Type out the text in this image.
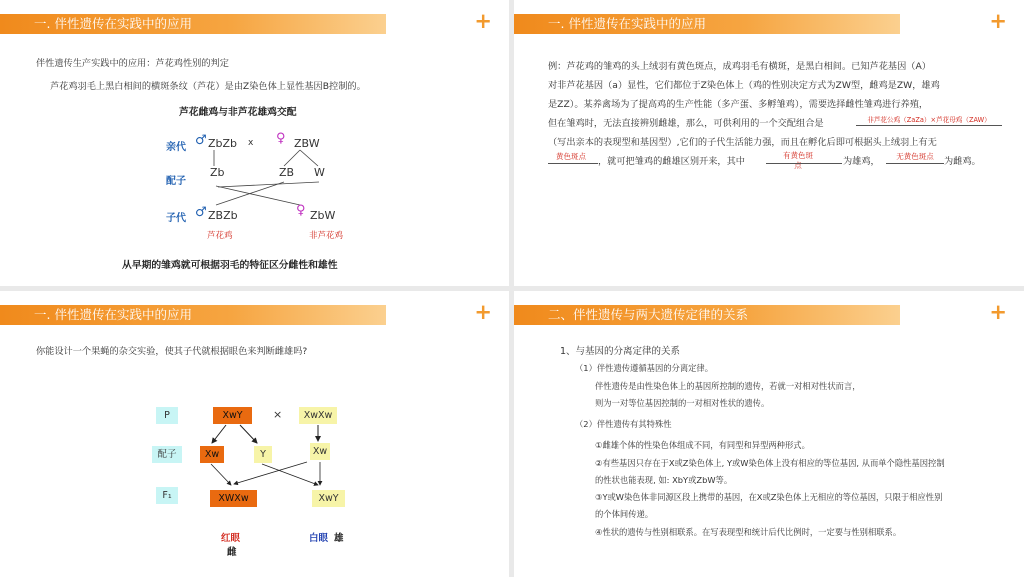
一. 伴性遗传在实践中的应用	+
伴性遗传生产实践中的应用：芦花鸡性别的判定
芦花鸡羽毛上黑白相间的横斑条纹（芦花）是由Z染色体上显性基因B控制的。
芦花雌鸡与非芦花雄鸡交配
亲代
配子
子代
♂ ZbZb x ♀ ZBW
Zb	ZB W
♂ ZBZb	♀ ZbW
芦花鸡	非芦花鸡
从早期的雏鸡就可根据羽毛的特征区分雌性和雄性
一. 伴性遗传在实践中的应用	+
例：芦花鸡的雏鸡的头上绒羽有黄色斑点，成鸡羽毛有横斑，是黑白相间。已知芦花基因（A）
对非芦花基因（a）显性，它们都位于Z染色体上（鸡的性别决定方式为ZW型，雌鸡是ZW，雄鸡
是ZZ）。某养禽场为了提高鸡的生产性能（多产蛋、多孵雏鸡），需要选择雌性雏鸡进行养殖，
但在雏鸡时，无法直接辨别雌雄，那么，可供利用的一个交配组合是	非芦花公鸡（ZaZa）×芦花母鸡（ZAW）
（写出亲本的表现型和基因型）,它们的子代生活能力强，而且在孵化后即可根据头上绒羽上有无
黄色斑点	，就可把雏鸡的雌雄区别开来，其中
有黄色斑
点	为雄鸡，	无黄色斑点	为雌鸡。
一. 伴性遗传在实践中的应用	+
你能设计一个果蝇的杂交实验，使其子代就根据眼色来判断雌雄吗?
P
配子
F₁
XwY	×	XwXw
Xw	Y	Xw
XWXw	XwY
红眼
雌
白眼 雄
二、伴性遗传与两大遗传定律的关系	+
1、与基因的分离定律的关系
（1）伴性遗传遵循基因的分离定律。
伴性遗传是由性染色体上的基因所控制的遗传，若就一对相对性状而言，
则为一对等位基因控制的一对相对性状的遗传。
（2）伴性遗传有其特殊性
①雌雄个体的性染色体组成不同，有同型和异型两种形式。
②有些基因只存在于X或Z染色体上, Y或W染色体上没有相应的等位基因, 从而单个隐性基因控制
的性状也能表现, 如: XbY或ZbW等。
③Y或W染色体非同源区段上携带的基因，在X或Z染色体上无相应的等位基因，只限于相应性别
的个体间传递。
④性状的遗传与性别相联系。在写表现型和统计后代比例时，一定要与性别相联系。
